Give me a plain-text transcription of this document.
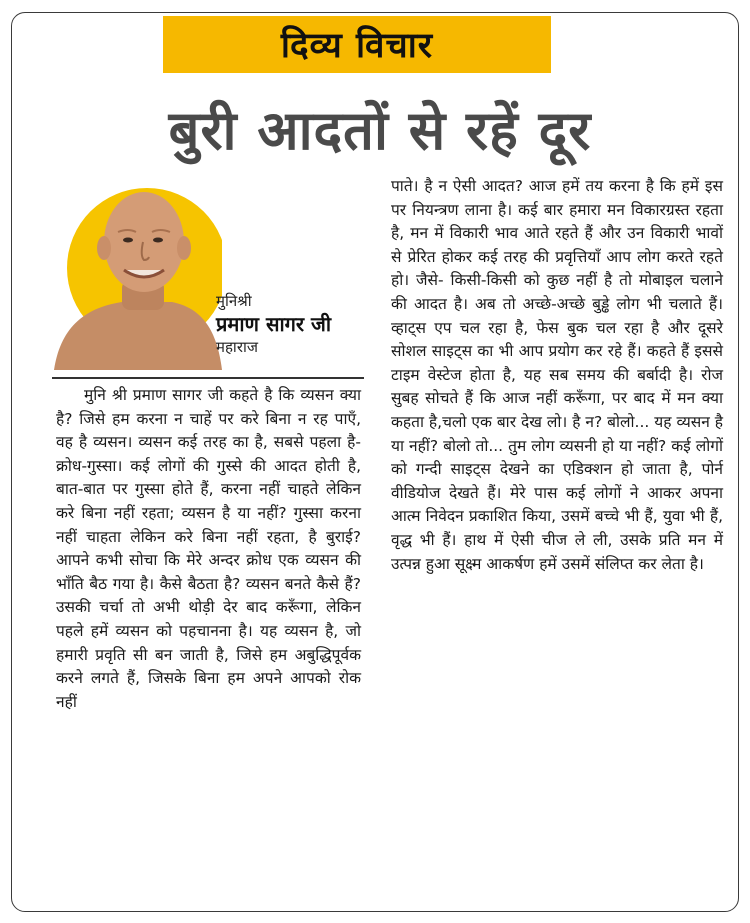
दिव्य विचार
बुरी आदतों से रहें दूर
मुनिश्री
प्रमाण सागर जी
महाराज

मुनि श्री प्रमाण सागर जी कहते है कि व्यसन क्या है? जिसे हम करना न चाहें पर करे बिना न रह पाएँ, वह है व्यसन। व्यसन कई तरह का है, सबसे पहला है- क्रोध-गुस्सा। कई लोगों की गुस्से की आदत होती है, बात-बात पर गुस्सा होते हैं, करना नहीं चाहते लेकिन करे बिना नहीं रहता; व्यसन है या नहीं? गुस्सा करना नहीं चाहता लेकिन करे बिना नहीं रहता, है बुराई? आपने कभी सोचा कि मेरे अन्दर क्रोध एक व्यसन की भाँति बैठ गया है। कैसे बैठता है? व्यसन बनते कैसे हैं? उसकी चर्चा तो अभी थोड़ी देर बाद करूँगा, लेकिन पहले हमें व्यसन को पहचानना है। यह व्यसन है, जो हमारी प्रवृति सी बन जाती है, जिसे हम अबुद्धिपूर्वक करने लगते हैं, जिसके बिना हम अपने आपको रोक नहीं

पाते। है न ऐसी आदत? आज हमें तय करना है कि हमें इस पर नियन्त्रण लाना है। कई बार हमारा मन विकारग्रस्त रहता है, मन में विकारी भाव आते रहते हैं और उन विकारी भावों से प्रेरित होकर कई तरह की प्रवृत्तियाँ आप लोग करते रहते हो। जैसे- किसी-किसी को कुछ नहीं है तो मोबाइल चलाने की आदत है। अब तो अच्छे-अच्छे बुड्ढे लोग भी चलाते हैं। व्हाट्स एप चल रहा है, फेस बुक चल रहा है और दूसरे सोशल साइट्स का भी आप प्रयोग कर रहे हैं। कहते हैं इससे टाइम वेस्टेज होता है, यह सब समय की बर्बादी है। रोज सुबह सोचते हैं कि आज नहीं करूँगा, पर बाद में मन क्या कहता है,चलो एक बार देख लो। है न? बोलो... यह व्यसन है या नहीं? बोलो तो... तुम लोग व्यसनी हो या नहीं? कई लोगों को गन्दी साइट्स देखने का एडिक्शन हो जाता है, पोर्न वीडियोज देखते हैं। मेरे पास कई लोगों ने आकर अपना आत्म निवेदन प्रकाशित किया, उसमें बच्चे भी हैं, युवा भी हैं, वृद्ध भी हैं। हाथ में ऐसी चीज ले ली, उसके प्रति मन में उत्पन्न हुआ सूक्ष्म आकर्षण हमें उसमें संलिप्त कर लेता है।
